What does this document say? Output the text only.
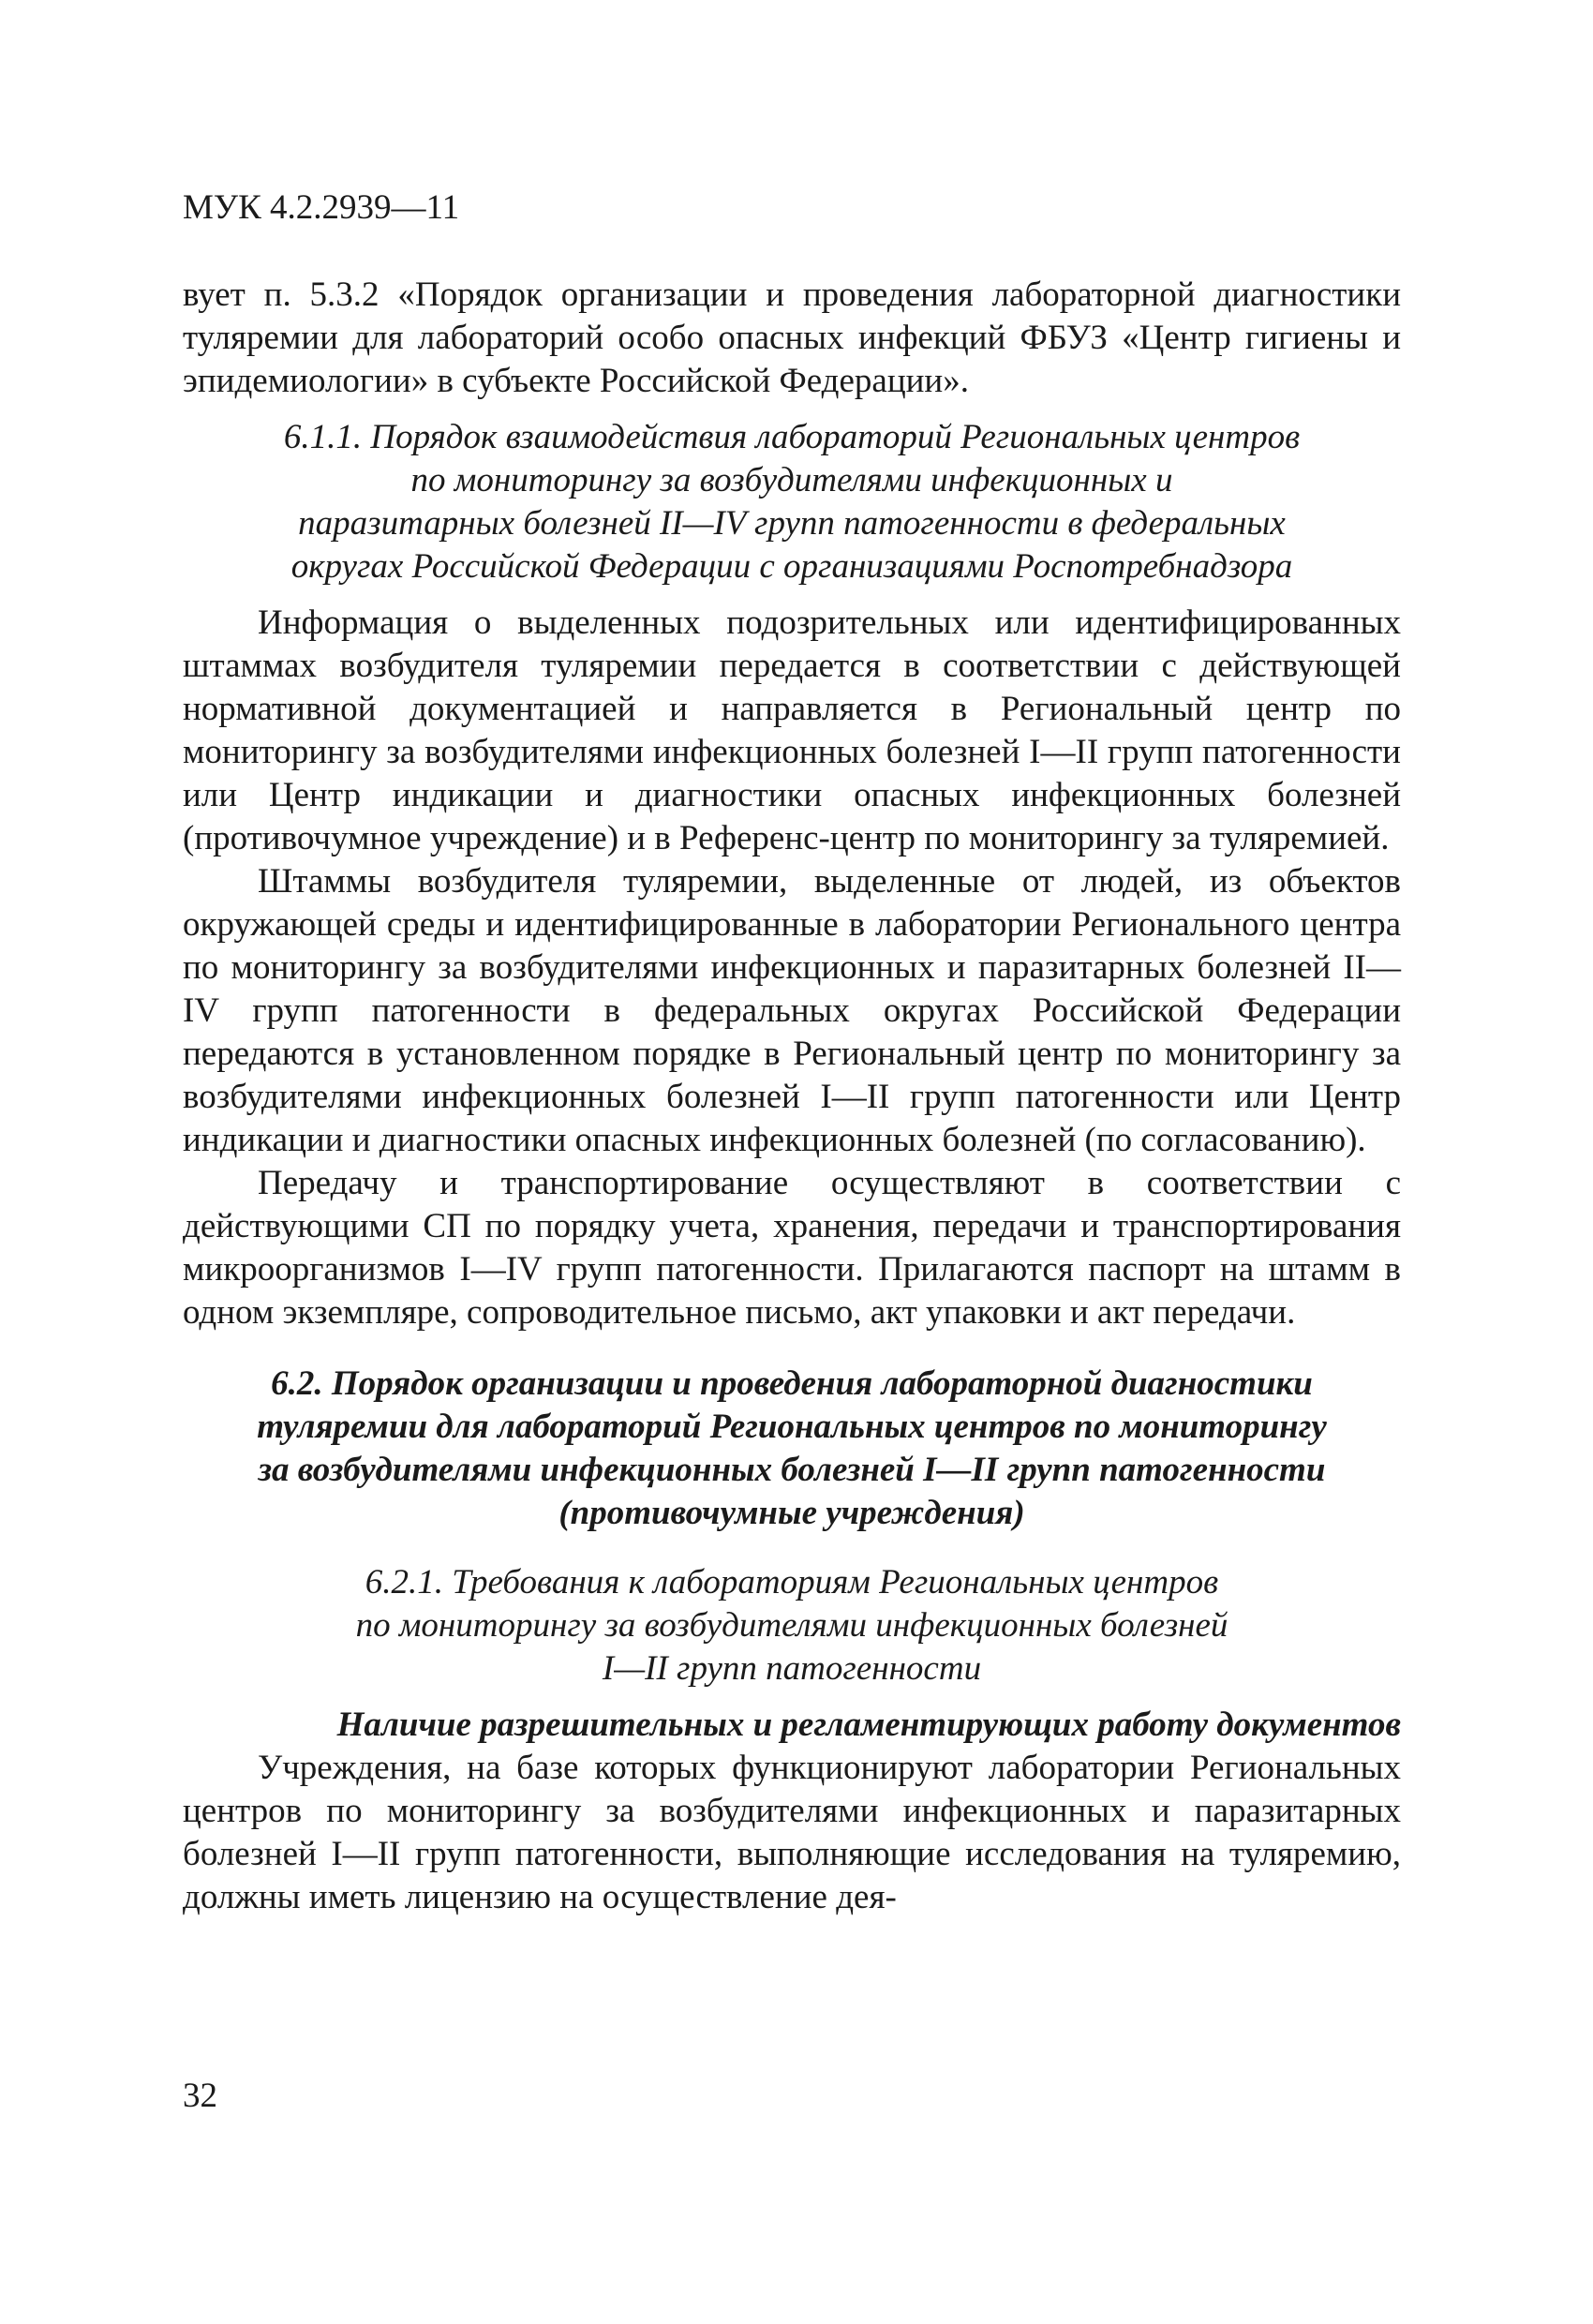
МУК 4.2.2939—11

вует п. 5.3.2 «Порядок организации и проведения лабораторной диагностики туляремии для лабораторий особо опасных инфекций ФБУЗ «Центр гигиены и эпидемиологии» в субъекте Российской Федерации».

6.1.1. Порядок взаимодействия лабораторий Региональных центров
по мониторингу за возбудителями инфекционных и
паразитарных болезней II—IV групп патогенности в федеральных
округах Российской Федерации с организациями Роспотребнадзора

Информация о выделенных подозрительных или идентифицированных штаммах возбудителя туляремии передается в соответствии с действующей нормативной документацией и направляется в Региональный центр по мониторингу за возбудителями инфекционных болезней I—II групп патогенности или Центр индикации и диагностики опасных инфекционных болезней (противочумное учреждение) и в Референс-центр по мониторингу за туляремией.

Штаммы возбудителя туляремии, выделенные от людей, из объектов окружающей среды и идентифицированные в лаборатории Регионального центра по мониторингу за возбудителями инфекционных и паразитарных болезней II—IV групп патогенности в федеральных округах Российской Федерации передаются в установленном порядке в Региональный центр по мониторингу за возбудителями инфекционных болезней I—II групп патогенности или Центр индикации и диагностики опасных инфекционных болезней (по согласованию).

Передачу и транспортирование осуществляют в соответствии с действующими СП по порядку учета, хранения, передачи и транспортирования микроорганизмов I—IV групп патогенности. Прилагаются паспорт на штамм в одном экземпляре, сопроводительное письмо, акт упаковки и акт передачи.

6.2. Порядок организации и проведения лабораторной диагностики
туляремии для лабораторий Региональных центров по мониторингу
за возбудителями инфекционных болезней I—II групп патогенности
(противочумные учреждения)
6.2.1. Требования к лабораториям Региональных центров
по мониторингу за возбудителями инфекционных болезней
I—II групп патогенности
Наличие разрешительных и регламентирующих работу документов

Учреждения, на базе которых функционируют лаборатории Региональных центров по мониторингу за возбудителями инфекционных и паразитарных болезней I—II групп патогенности, выполняющие исследования на туляремию, должны иметь лицензию на осуществление дея-

32
